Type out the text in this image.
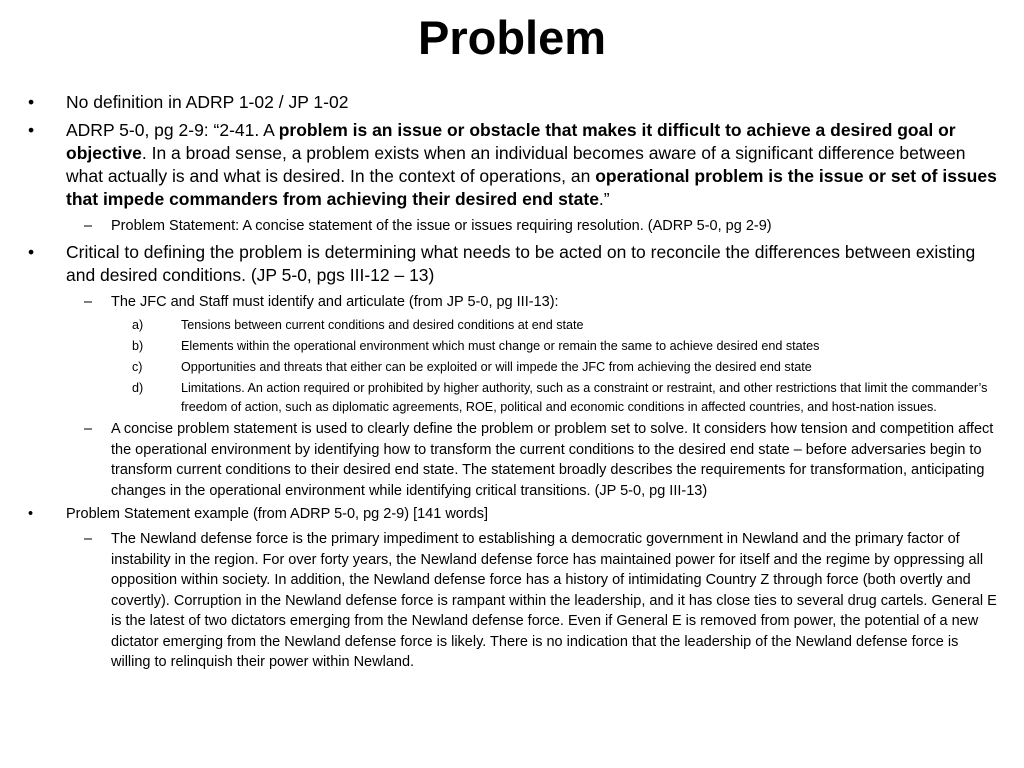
Problem
• No definition in ADRP 1-02 / JP 1-02
• ADRP 5-0, pg 2-9: “2-41. A problem is an issue or obstacle that makes it difficult to achieve a desired goal or objective. In a broad sense, a problem exists when an individual becomes aware of a significant difference between what actually is and what is desired. In the context of operations, an operational problem is the issue or set of issues that impede commanders from achieving their desired end state.”
– Problem Statement: A concise statement of the issue or issues requiring resolution. (ADRP 5-0, pg 2-9)
• Critical to defining the problem is determining what needs to be acted on to reconcile the differences between existing and desired conditions. (JP 5-0, pgs III-12 – 13)
– The JFC and Staff must identify and articulate (from JP 5-0, pg III-13):
a)	Tensions between current conditions and desired conditions at end state
b)	Elements within the operational environment which must change or remain the same to achieve desired end states
c)	Opportunities and threats that either can be exploited or will impede the JFC from achieving the desired end state
d)	Limitations. An action required or prohibited by higher authority, such as a constraint or restraint, and other restrictions that limit the commander’s freedom of action, such as diplomatic agreements, ROE, political and economic conditions in affected countries, and host-nation issues.
– A concise problem statement is used to clearly define the problem or problem set to solve. It considers how tension and competition affect the operational environment by identifying how to transform the current conditions to the desired end state – before adversaries begin to transform current conditions to their desired end state. The statement broadly describes the requirements for transformation, anticipating changes in the operational environment while identifying critical transitions. (JP 5-0, pg III-13)
• Problem Statement example (from ADRP 5-0, pg 2-9) [141 words]
– The Newland defense force is the primary impediment to establishing a democratic government in Newland and the primary factor of instability in the region. For over forty years, the Newland defense force has maintained power for itself and the regime by oppressing all opposition within society. In addition, the Newland defense force has a history of intimidating Country Z through force (both overtly and covertly). Corruption in the Newland defense force is rampant within the leadership, and it has close ties to several drug cartels. General E is the latest of two dictators emerging from the Newland defense force. Even if General E is removed from power, the potential of a new dictator emerging from the Newland defense force is likely. There is no indication that the leadership of the Newland defense force is willing to relinquish their power within Newland.
